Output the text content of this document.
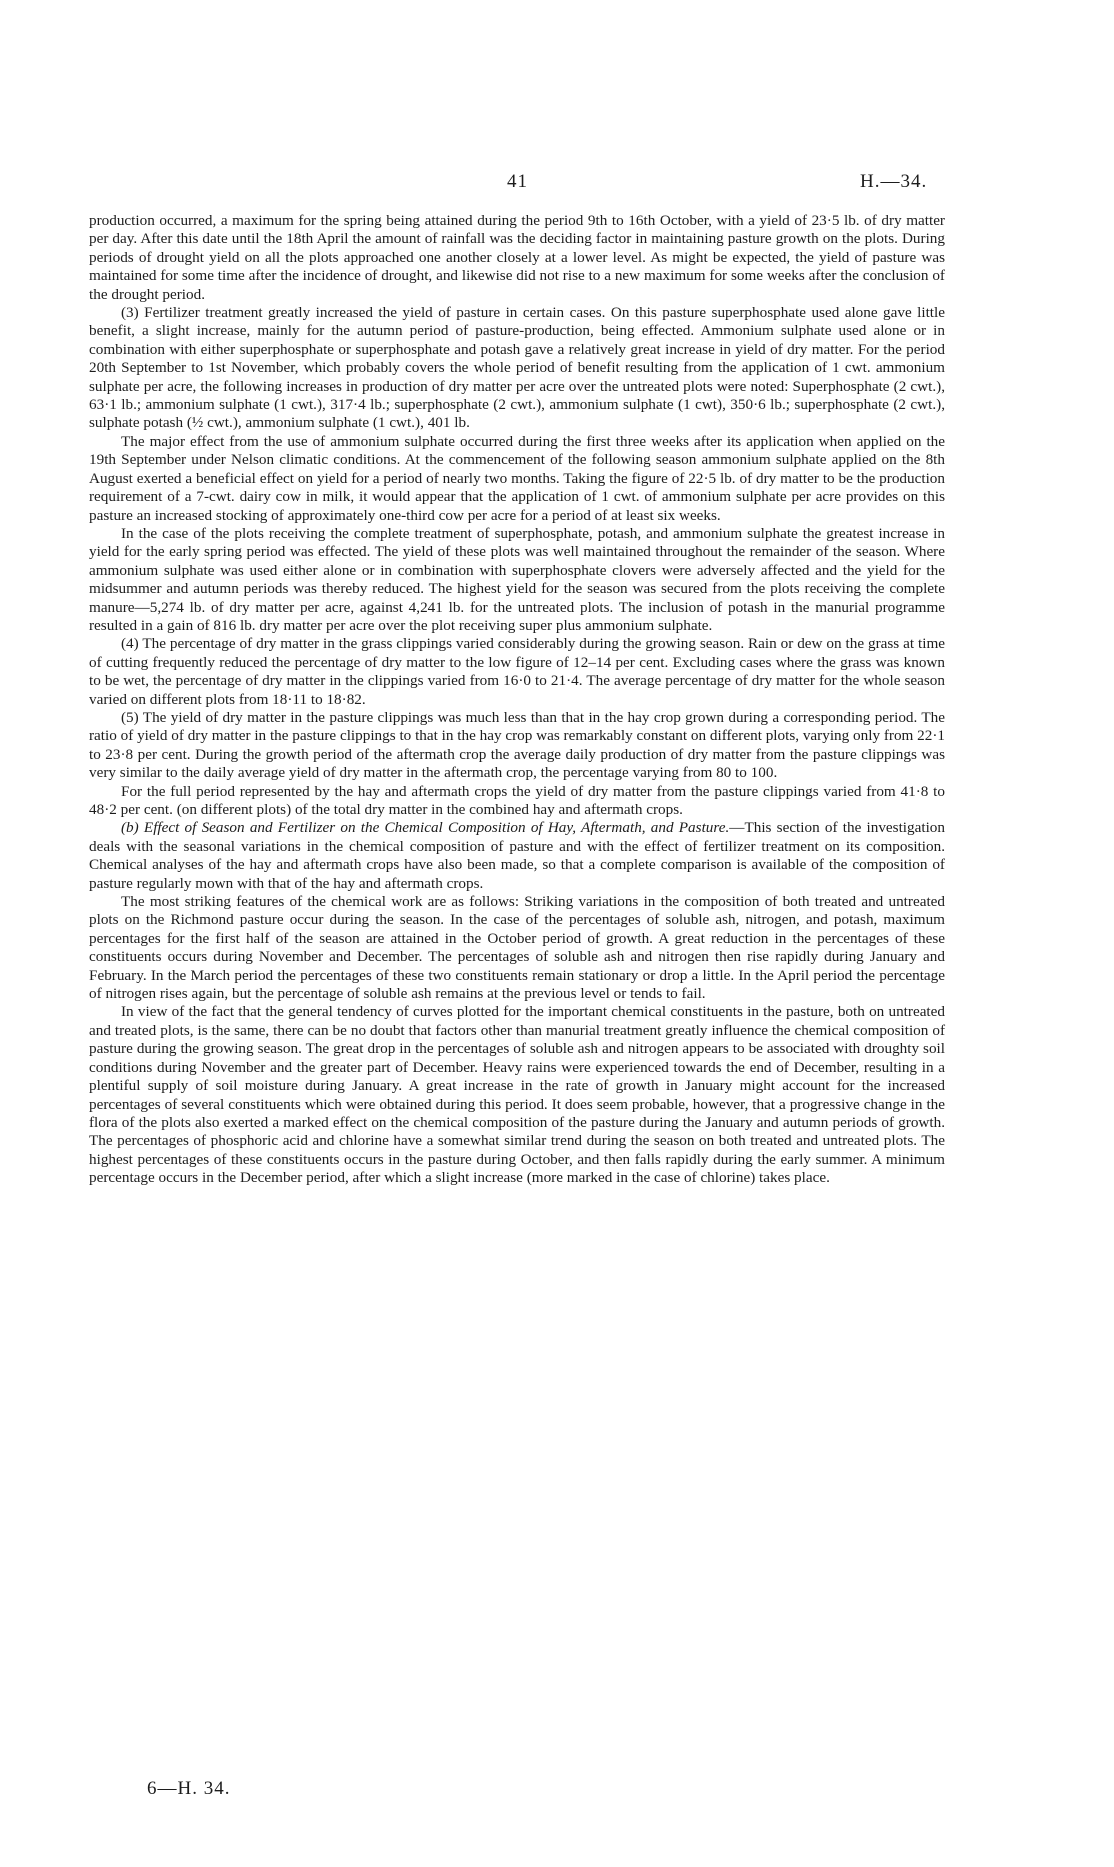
41	H.—34.

production occurred, a maximum for the spring being attained during the period 9th to 16th October, with a yield of 23·5 lb. of dry matter per day. After this date until the 18th April the amount of rainfall was the deciding factor in maintaining pasture growth on the plots. During periods of drought yield on all the plots approached one another closely at a lower level. As might be expected, the yield of pasture was maintained for some time after the incidence of drought, and likewise did not rise to a new maximum for some weeks after the conclusion of the drought period.

(3) Fertilizer treatment greatly increased the yield of pasture in certain cases. On this pasture superphosphate used alone gave little benefit, a slight increase, mainly for the autumn period of pasture-production, being effected. Ammonium sulphate used alone or in combination with either superphosphate or superphosphate and potash gave a relatively great increase in yield of dry matter. For the period 20th September to 1st November, which probably covers the whole period of benefit resulting from the application of 1 cwt. ammonium sulphate per acre, the following increases in production of dry matter per acre over the untreated plots were noted: Superphosphate (2 cwt.), 63·1 lb.; ammonium sulphate (1 cwt.), 317·4 lb.; superphosphate (2 cwt.), ammonium sulphate (1 cwt), 350·6 lb.; superphosphate (2 cwt.), sulphate potash (½ cwt.), ammonium sulphate (1 cwt.), 401 lb.

The major effect from the use of ammonium sulphate occurred during the first three weeks after its application when applied on the 19th September under Nelson climatic conditions. At the commencement of the following season ammonium sulphate applied on the 8th August exerted a beneficial effect on yield for a period of nearly two months. Taking the figure of 22·5 lb. of dry matter to be the production requirement of a 7-cwt. dairy cow in milk, it would appear that the application of 1 cwt. of ammonium sulphate per acre provides on this pasture an increased stocking of approximately one-third cow per acre for a period of at least six weeks.

In the case of the plots receiving the complete treatment of superphosphate, potash, and ammonium sulphate the greatest increase in yield for the early spring period was effected. The yield of these plots was well maintained throughout the remainder of the season. Where ammonium sulphate was used either alone or in combination with superphosphate clovers were adversely affected and the yield for the midsummer and autumn periods was thereby reduced. The highest yield for the season was secured from the plots receiving the complete manure—5,274 lb. of dry matter per acre, against 4,241 lb. for the untreated plots. The inclusion of potash in the manurial programme resulted in a gain of 816 lb. dry matter per acre over the plot receiving super plus ammonium sulphate.

(4) The percentage of dry matter in the grass clippings varied considerably during the growing season. Rain or dew on the grass at time of cutting frequently reduced the percentage of dry matter to the low figure of 12–14 per cent. Excluding cases where the grass was known to be wet, the percentage of dry matter in the clippings varied from 16·0 to 21·4. The average percentage of dry matter for the whole season varied on different plots from 18·11 to 18·82.

(5) The yield of dry matter in the pasture clippings was much less than that in the hay crop grown during a corresponding period. The ratio of yield of dry matter in the pasture clippings to that in the hay crop was remarkably constant on different plots, varying only from 22·1 to 23·8 per cent. During the growth period of the aftermath crop the average daily production of dry matter from the pasture clippings was very similar to the daily average yield of dry matter in the aftermath crop, the percentage varying from 80 to 100.

For the full period represented by the hay and aftermath crops the yield of dry matter from the pasture clippings varied from 41·8 to 48·2 per cent. (on different plots) of the total dry matter in the combined hay and aftermath crops.

(b) Effect of Season and Fertilizer on the Chemical Composition of Hay, Aftermath, and Pasture.—This section of the investigation deals with the seasonal variations in the chemical composition of pasture and with the effect of fertilizer treatment on its composition. Chemical analyses of the hay and aftermath crops have also been made, so that a complete comparison is available of the composition of pasture regularly mown with that of the hay and aftermath crops.

The most striking features of the chemical work are as follows: Striking variations in the composition of both treated and untreated plots on the Richmond pasture occur during the season. In the case of the percentages of soluble ash, nitrogen, and potash, maximum percentages for the first half of the season are attained in the October period of growth. A great reduction in the percentages of these constituents occurs during November and December. The percentages of soluble ash and nitrogen then rise rapidly during January and February. In the March period the percentages of these two constituents remain stationary or drop a little. In the April period the percentage of nitrogen rises again, but the percentage of soluble ash remains at the previous level or tends to fail.

In view of the fact that the general tendency of curves plotted for the important chemical constituents in the pasture, both on untreated and treated plots, is the same, there can be no doubt that factors other than manurial treatment greatly influence the chemical composition of pasture during the growing season. The great drop in the percentages of soluble ash and nitrogen appears to be associated with droughty soil conditions during November and the greater part of December. Heavy rains were experienced towards the end of December, resulting in a plentiful supply of soil moisture during January. A great increase in the rate of growth in January might account for the increased percentages of several constituents which were obtained during this period. It does seem probable, however, that a progressive change in the flora of the plots also exerted a marked effect on the chemical composition of the pasture during the January and autumn periods of growth. The percentages of phosphoric acid and chlorine have a somewhat similar trend during the season on both treated and untreated plots. The highest percentages of these constituents occurs in the pasture during October, and then falls rapidly during the early summer. A minimum percentage occurs in the December period, after which a slight increase (more marked in the case of chlorine) takes place.

6—H. 34.
